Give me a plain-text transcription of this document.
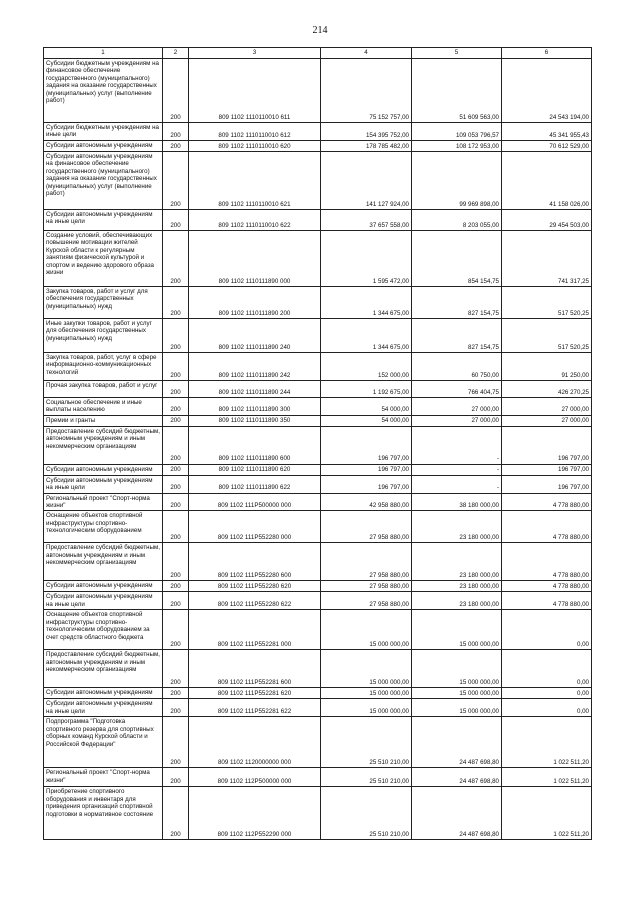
214
1	2	3	4	5	6
Субсидии бюджетным учреждениям на финансовое обеспечение государственного (муниципального) задания на оказание государственных (муниципальных) услуг (выполнение работ)	200	809 1102 1110110010 611	75 152 757,00	51 609 563,00	24 543 194,00
Субсидии бюджетным учреждениям на иные цели	200	809 1102 1110110010 612	154 395 752,00	109 053 796,57	45 341 955,43
Субсидии автономным учреждениям	200	809 1102 1110110010 620	178 785 482,00	108 172 953,00	70 612 529,00
Субсидии автономным учреждениям на финансовое обеспечение государственного (муниципального) задания на оказание государственных (муниципальных) услуг (выполнение работ)	200	809 1102 1110110010 621	141 127 924,00	99 969 898,00	41 158 026,00
Субсидии автономным учреждениям на иные цели	200	809 1102 1110110010 622	37 657 558,00	8 203 055,00	29 454 503,00
Создание условий, обеспечивающих повышение мотивации жителей Курской области к регулярным занятиям физической культурой и спортом и ведению здорового образа жизни	200	809 1102 1110111890 000	1 595 472,00	854 154,75	741 317,25
Закупка товаров, работ и услуг для обеспечения государственных (муниципальных) нужд	200	809 1102 1110111890 200	1 344 675,00	827 154,75	517 520,25
Иные закупки товаров, работ и услуг для обеспечения государственных (муниципальных) нужд	200	809 1102 1110111890 240	1 344 675,00	827 154,75	517 520,25
Закупка товаров, работ, услуг в сфере информационно-коммуникационных технологий	200	809 1102 1110111890 242	152 000,00	60 750,00	91 250,00
Прочая закупка товаров, работ и услуг	200	809 1102 1110111890 244	1 192 675,00	766 404,75	426 270,25
Социальное обеспечение и иные выплаты населению	200	809 1102 1110111890 300	54 000,00	27 000,00	27 000,00
Премии и гранты	200	809 1102 1110111890 350	54 000,00	27 000,00	27 000,00
Предоставление субсидий бюджетным, автономным учреждениям и иным некоммерческим организациям	200	809 1102 1110111890 600	196 797,00	-	196 797,00
Субсидии автономным учреждениям	200	809 1102 1110111890 620	196 797,00	-	196 797,00
Субсидии автономным учреждениям на иные цели	200	809 1102 1110111890 622	196 797,00	-	196 797,00
Региональный проект "Спорт-норма жизни"	200	809 1102 111P500000 000	42 958 880,00	38 180 000,00	4 778 880,00
Оснащение объектов спортивной инфраструктуры спортивно-технологическим оборудованием	200	809 1102 111P552280 000	27 958 880,00	23 180 000,00	4 778 880,00
Предоставление субсидий бюджетным, автономным учреждениям и иным некоммерческим организациям	200	809 1102 111P552280 600	27 958 880,00	23 180 000,00	4 778 880,00
Субсидии автономным учреждениям	200	809 1102 111P552280 620	27 958 880,00	23 180 000,00	4 778 880,00
Субсидии автономным учреждениям на иные цели	200	809 1102 111P552280 622	27 958 880,00	23 180 000,00	4 778 880,00
Оснащение объектов спортивной инфраструктуры спортивно-технологическим оборудованием за счет средств областного бюджета	200	809 1102 111P552281 000	15 000 000,00	15 000 000,00	0,00
Предоставление субсидий бюджетным, автономным учреждениям и иным некоммерческим организациям	200	809 1102 111P552281 600	15 000 000,00	15 000 000,00	0,00
Субсидии автономным учреждениям	200	809 1102 111P552281 620	15 000 000,00	15 000 000,00	0,00
Субсидии автономным учреждениям на иные цели	200	809 1102 111P552281 622	15 000 000,00	15 000 000,00	0,00
Подпрограмма "Подготовка спортивного резерва для спортивных сборных команд Курской области и Российской Федерации"	200	809 1102 1120000000 000	25 510 210,00	24 487 698,80	1 022 511,20
Региональный проект "Спорт-норма жизни"	200	809 1102 112P500000 000	25 510 210,00	24 487 698,80	1 022 511,20
Приобретение спортивного оборудования и инвентаря для приведения организаций спортивной подготовки в нормативное состояние	200	809 1102 112P552290 000	25 510 210,00	24 487 698,80	1 022 511,20
